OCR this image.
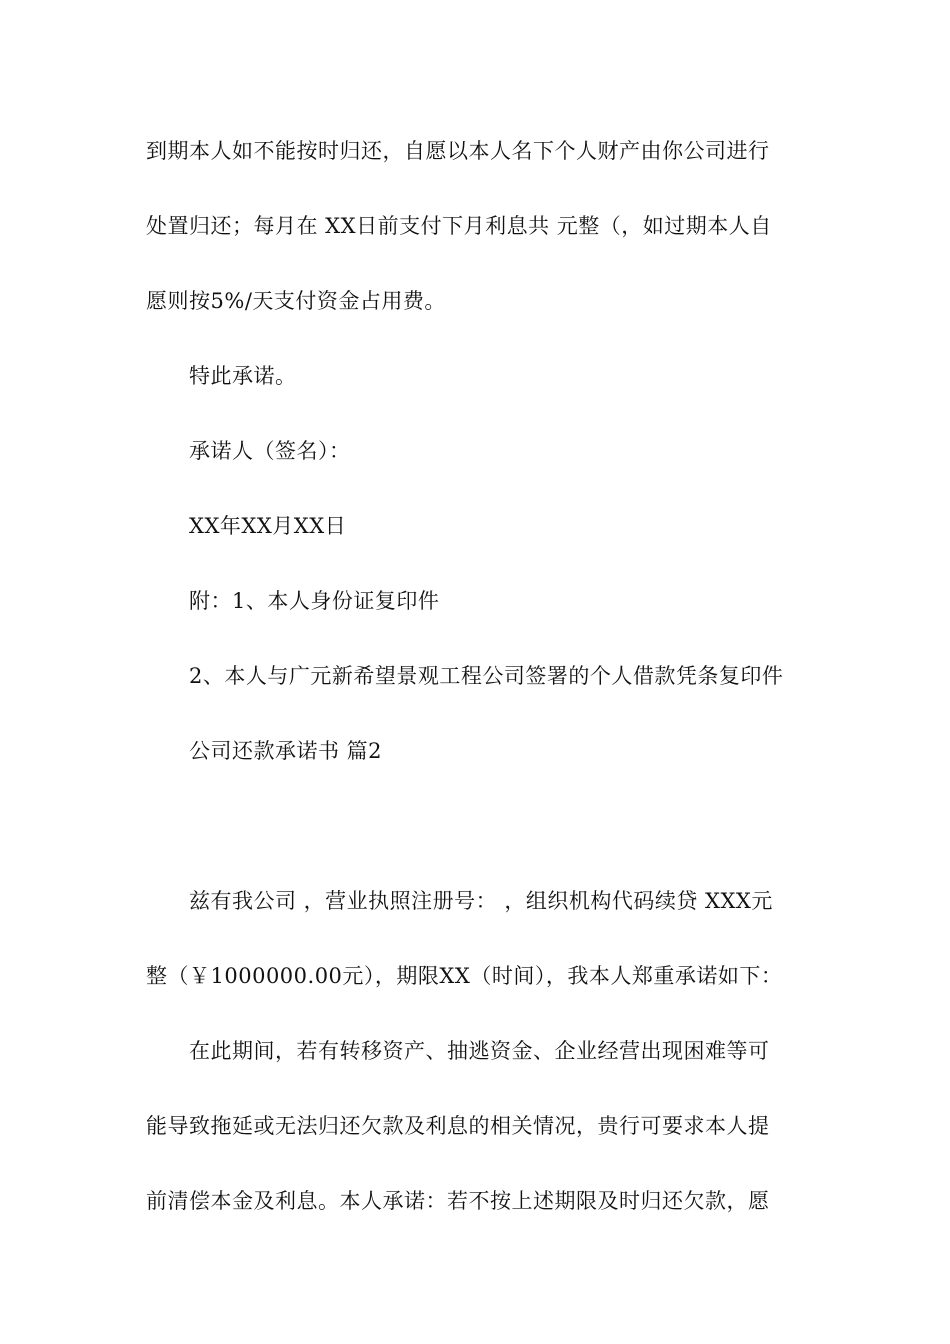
到期本人如不能按时归还，自愿以本人名下个人财产由你公司进行
处置归还；每月在 XX日前支付下月利息共 元整（，如过期本人自
愿则按5%/天支付资金占用费。
特此承诺。
承诺人（签名）：
XX年XX月XX日
附：1、本人身份证复印件
2、本人与广元新希望景观工程公司签署的个人借款凭条复印件
公司还款承诺书 篇2
兹有我公司 ，营业执照注册号： ，组织机构代码续贷 XXX元
整（￥1000000.00元），期限XX（时间），我本人郑重承诺如下：
在此期间，若有转移资产、抽逃资金、企业经营出现困难等可
能导致拖延或无法归还欠款及利息的相关情况，贵行可要求本人提
前清偿本金及利息。本人承诺：若不按上述期限及时归还欠款，愿
